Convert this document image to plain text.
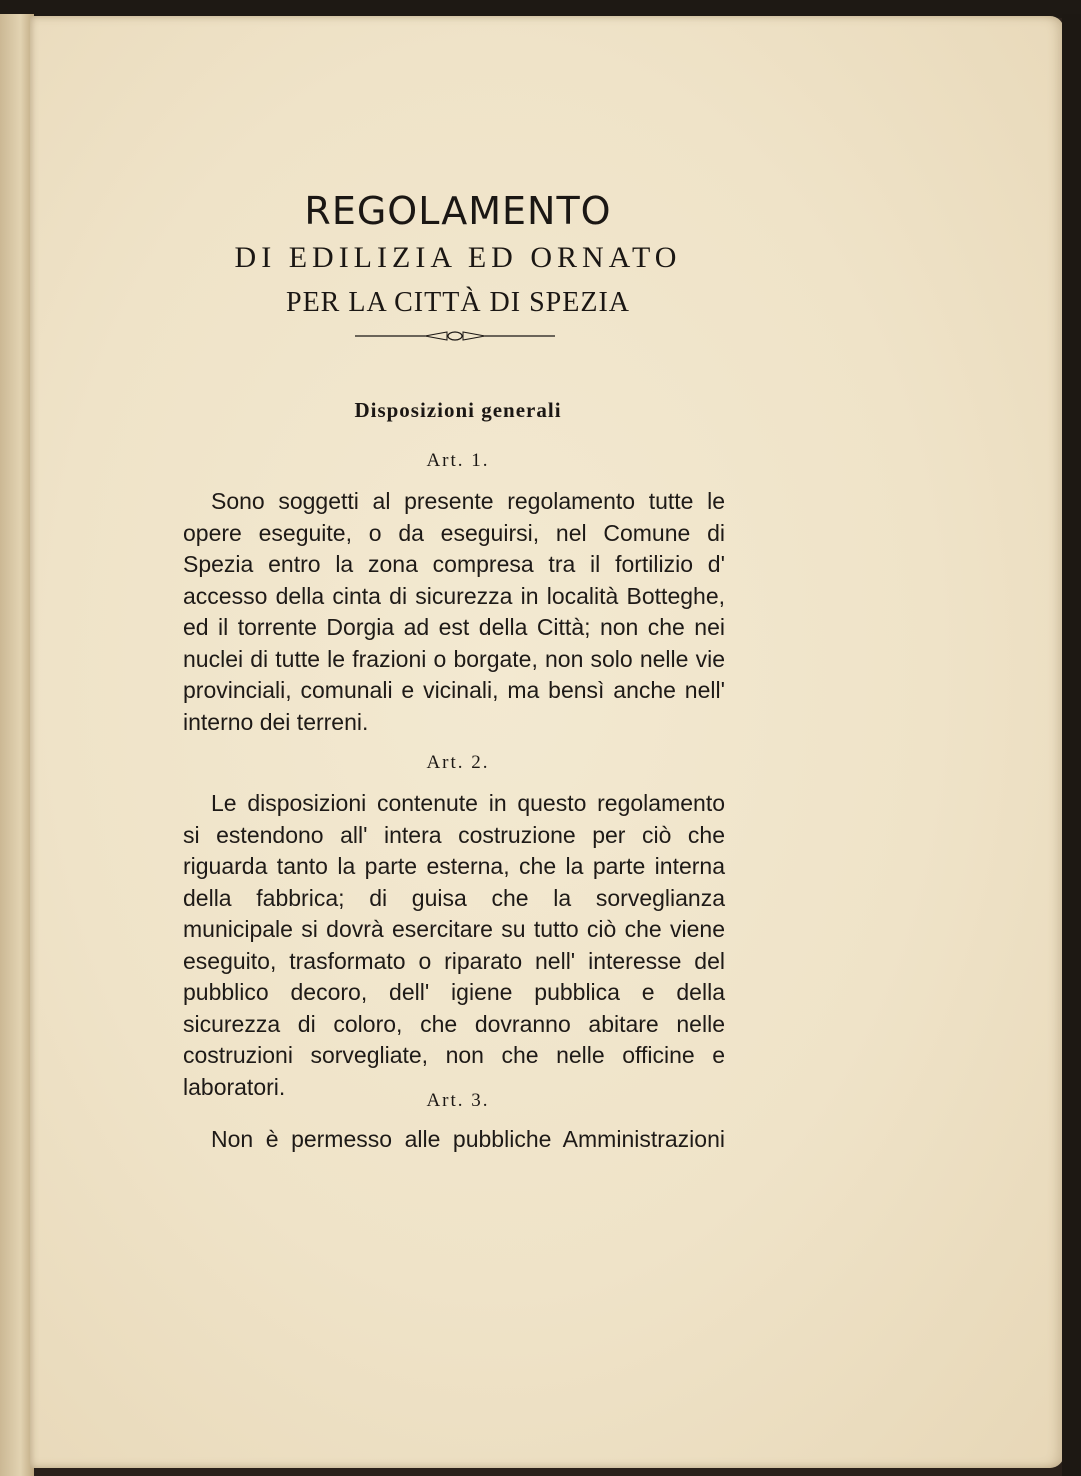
REGOLAMENTO
DI EDILIZIA ED ORNATO
PER LA CITTÀ DI SPEZIA
Disposizioni generali
Art. 1.

Sono soggetti al presente regolamento tutte le opere eseguite, o da eseguirsi, nel Comune di Spezia entro la zona compresa tra il fortilizio d' accesso della cinta di sicurezza in località Botteghe, ed il torrente Dorgia ad est della Città; non che nei nuclei di tutte le frazioni o borgate, non solo nelle vie provinciali, comunali e vicinali, ma bensì anche nell' interno dei terreni.

Art. 2.

Le disposizioni contenute in questo regolamento si estendono all' intera costruzione per ciò che riguarda tanto la parte esterna, che la parte interna della fabbrica; di guisa che la sorveglianza municipale si dovrà esercitare su tutto ciò che viene eseguito, trasformato o riparato nell' interesse del pubblico decoro, dell' igiene pubblica e della sicurezza di coloro, che dovranno abitare nelle costruzioni sorvegliate, non che nelle officine e laboratori.

Art. 3.

Non è permesso alle pubbliche Amministrazioni
